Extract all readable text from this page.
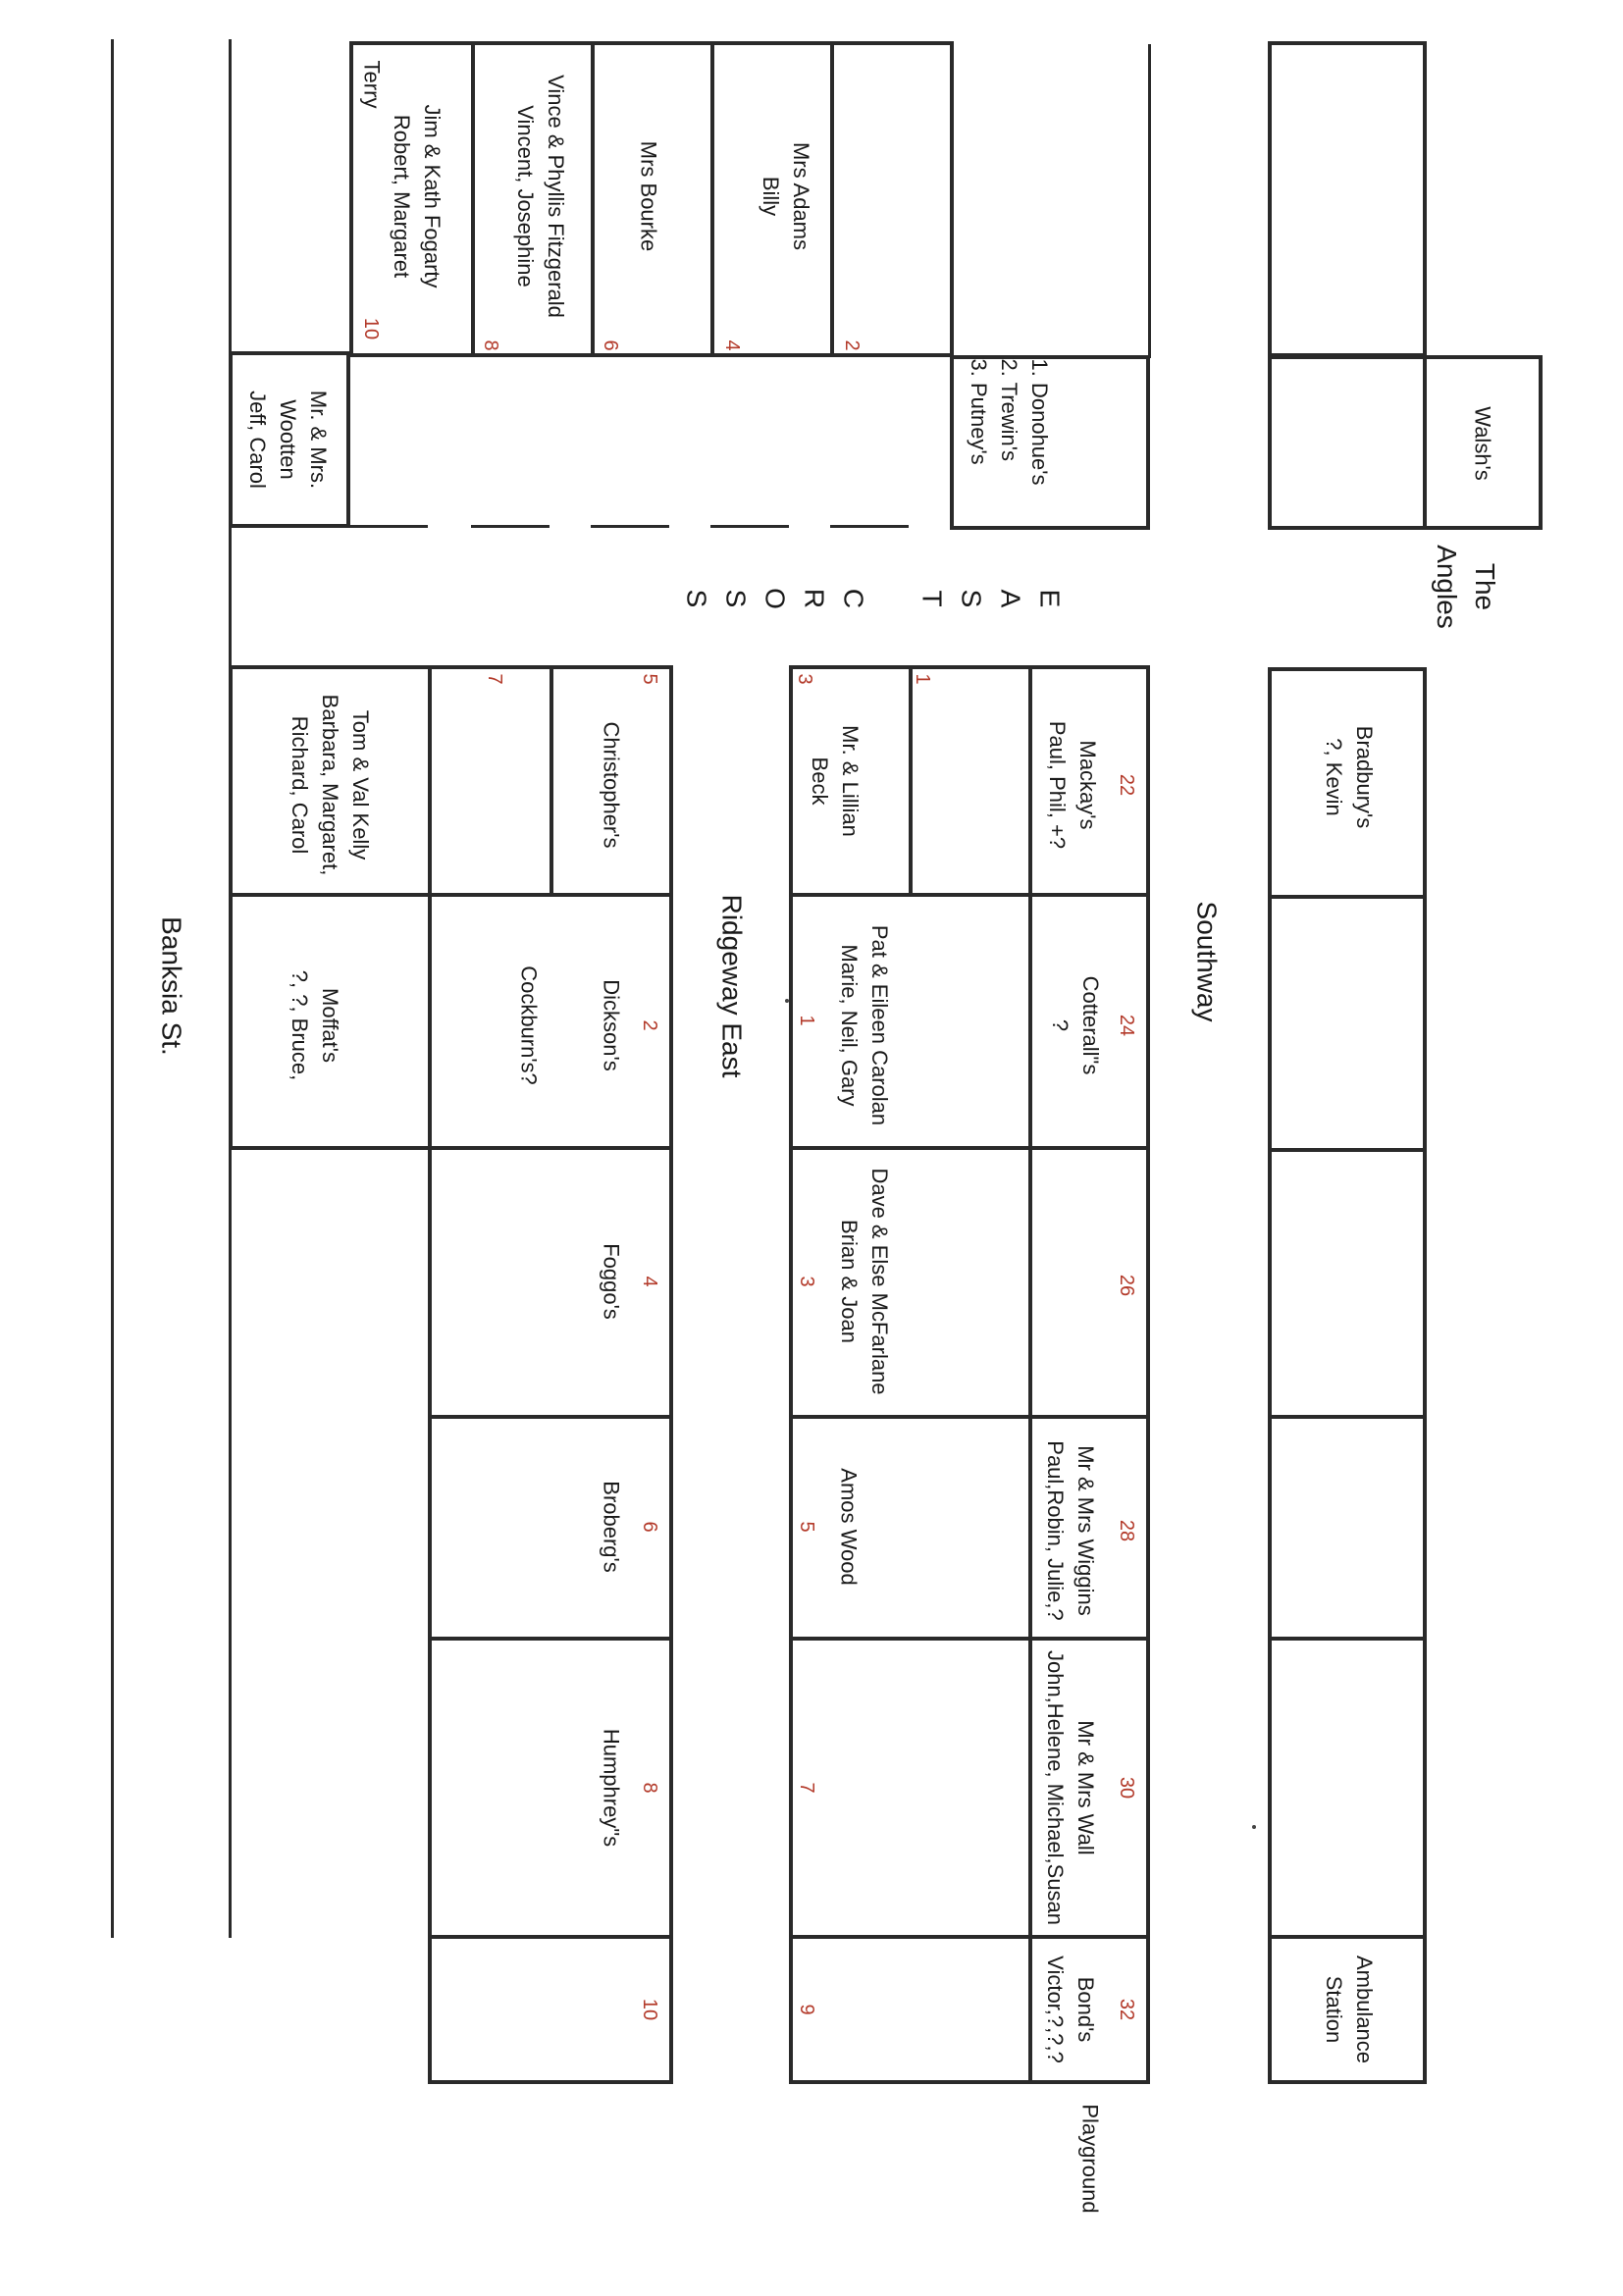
2
Mrs Adams
Billy
4
Mrs Bourke
6
Vince & Phyllis Fitzgerald
Vincent, Josephine
8
Jim & Kath Fogarty
Robert, Margaret
10
Terry
Mr. & Mrs.
Wootten
Jeff, Carol	1. Donohue's
2. Trewin's
3. Putney's	Walsh's
The
Angles
E
A
S
T
C
R
O
S
S
Bradbury's
?, Kevin
Ambulance
Station
Southway
22
Mackay's
Paul, Phil, +?
24
Cotterall"s
?
26
28
Mr & Mrs Wiggins
Paul,Robin, Julie,?
30
Mr & Mrs Wall
John,Helene, Michael,Susan
32
Bond's
Victor,?,?,?
Playground
1
3
Mr. & Lillian
Beck
Pat & Eileen Carolan
Marie, Neil, Gary
1
Dave & Else McFarlane
Brian & Joan
3
Amos Wood
5
7
9
Ridgeway East
5
Christopher's
7
Tom & Val Kelly
Barbara, Margaret,
Richard, Carol
2
Dickson's
Cockburn's?
Moffat's
?, ?, Bruce,
4
Foggo's
6
Broberg's
8
Humphrey"s
10
Banksia St.
